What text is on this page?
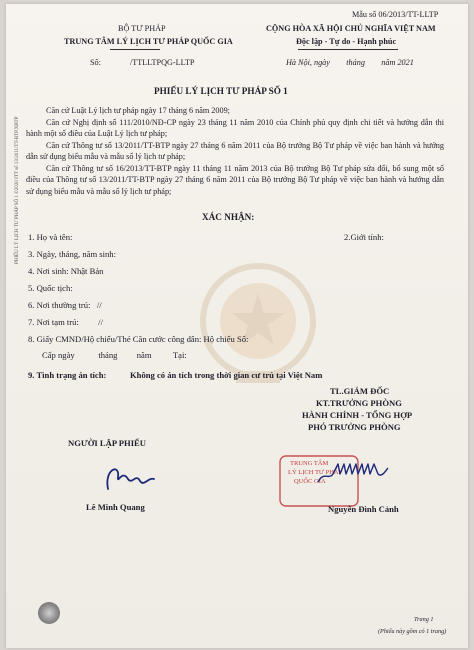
PHIẾU LÝ LỊCH TƯ PHÁP SỐ 1 ©2020 ITT số 13/2011/TT-BTP.XBTP
Mẫu số 06/2013/TT-LLTP
BỘ TƯ PHÁP
TRUNG TÂM LÝ LỊCH TƯ PHÁP QUỐC GIA
Số:	/TTLLTPQG-LLTP
CỘNG HÒA XÃ HỘI CHỦ NGHĨA VIỆT NAM
Độc lập - Tự do - Hạnh phúc
Hà Nội, ngày        tháng        năm 2021
PHIẾU LÝ LỊCH TƯ PHÁP SỐ 1
Căn cứ Luật Lý lịch tư pháp ngày 17 tháng 6 năm 2009;
Căn cứ Nghị định số 111/2010/NĐ-CP ngày 23 tháng 11 năm 2010 của Chính phủ quy định chi tiết và hướng dẫn thi hành một số điều của Luật Lý lịch tư pháp;
Căn cứ Thông tư số 13/2011/TT-BTP ngày 27 tháng 6 năm 2011 của Bộ trưởng Bộ Tư pháp về việc ban hành và hướng dẫn sử dụng biểu mẫu và mẫu sổ lý lịch tư pháp;
Căn cứ Thông tư số 16/2013/TT-BTP ngày 11 tháng 11 năm 2013 của Bộ trưởng Bộ Tư pháp sửa đổi, bổ sung một số điều của Thông tư số 13/2011/TT-BTP ngày 27 tháng 6 năm 2011 của Bộ trưởng Bộ Tư pháp về việc ban hành và hướng dẫn sử dụng biểu mẫu và mẫu sổ lý lịch tư pháp;
XÁC NHẬN:
1. Họ và tên:	2.Giới tính:
3. Ngày, tháng, năm sinh:
4. Nơi sinh: Nhật Bản
5. Quốc tịch:
6. Nơi thường trú:   //
7. Nơi tạm trú:         //
8. Giấy CMND/Hộ chiếu/Thẻ Căn cước công dân: Hộ chiếu Số:
Cấp ngày           tháng         năm          Tại:
9. Tình trạng án tích:	Không có án tích trong thời gian cư trú tại Việt Nam
TL.GIÁM ĐỐC
KT.TRƯỞNG PHÒNG
HÀNH CHÍNH - TỔNG HỢP
PHÓ TRƯỞNG PHÒNG
NGƯỜI LẬP PHIẾU
Lê Minh Quang
TRUNG TÂM
LÝ LỊCH TƯ PHÁP
QUỐC GIA
Nguyễn Đình Cảnh
Trang 1
(Phiếu này gồm có 1 trang)
